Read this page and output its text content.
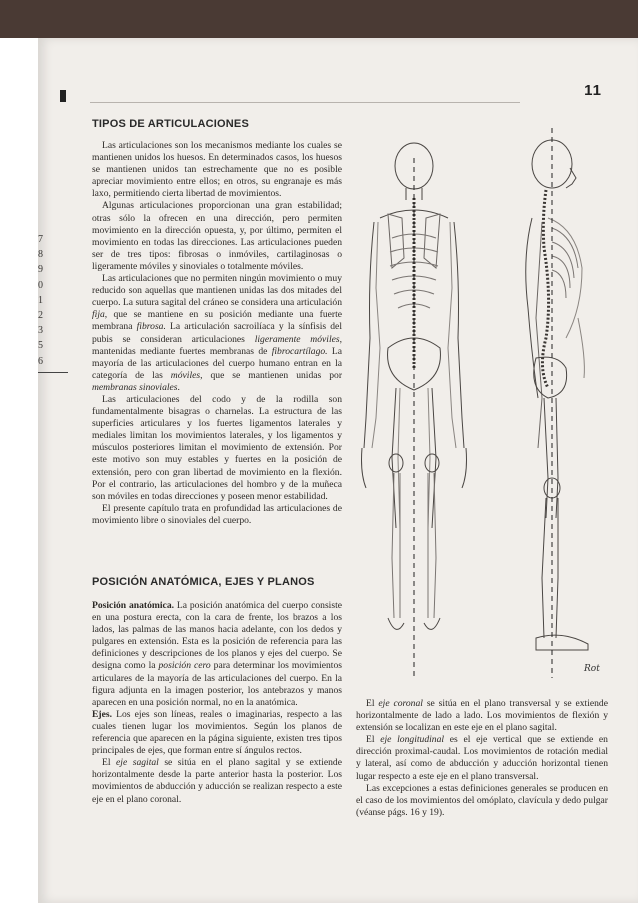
7
8
9
0
1
2
3
5
6
11
TIPOS DE ARTICULACIONES

Las articulaciones son los mecanismos mediante los cuales se mantienen unidos los huesos. En determinados casos, los huesos se mantienen unidos tan estrechamente que no es posible apreciar movimiento entre ellos; en otros, su engranaje es más laxo, permitiendo cierta libertad de movimientos.

Algunas articulaciones proporcionan una gran estabilidad; otras sólo la ofrecen en una dirección, pero permiten movimiento en la dirección opuesta, y, por último, permiten el movimiento en todas las direcciones. Las articulaciones pueden ser de tres tipos: fibrosas o inmóviles, cartilaginosas o ligeramente móviles y sinoviales o totalmente móviles.

Las articulaciones que no permiten ningún movimiento o muy reducido son aquellas que mantienen unidas las dos mitades del cuerpo. La sutura sagital del cráneo se considera una articulación fija, que se mantiene en su posición mediante una fuerte membrana fibrosa. La articulación sacroilíaca y la sínfisis del pubis se consideran articulaciones ligeramente móviles, mantenidas mediante fuertes membranas de fibrocartílago. La mayoría de las articulaciones del cuerpo humano entran en la categoría de las móviles, que se mantienen unidas por membranas sinoviales.

Las articulaciones del codo y de la rodilla son fundamentalmente bisagras o charnelas. La estructura de las superficies articulares y los fuertes ligamentos laterales y mediales limitan los movimientos laterales, y los ligamentos y músculos posteriores limitan el movimiento de extensión. Por este motivo son muy estables y fuertes en la posición de extensión, pero con gran libertad de movimiento en la flexión. Por el contrario, las articulaciones del hombro y de la muñeca son móviles en todas direcciones y poseen menor estabilidad.

El presente capítulo trata en profundidad las articulaciones de movimiento libre o sinoviales del cuerpo.

POSICIÓN ANATÓMICA, EJES Y PLANOS

Posición anatómica. La posición anatómica del cuerpo consiste en una postura erecta, con la cara de frente, los brazos a los lados, las palmas de las manos hacia adelante, con los dedos y pulgares en extensión. Esta es la posición de referencia para las definiciones y descripciones de los planos y ejes del cuerpo. Se designa como la posición cero para determinar los movimientos articulares de la mayoría de las articulaciones del cuerpo. En la figura adjunta en la imagen posterior, los antebrazos y manos aparecen en una posición normal, no en la anatómica.

Ejes. Los ejes son líneas, reales o imaginarias, respecto a las cuales tienen lugar los movimientos. Según los planos de referencia que aparecen en la página siguiente, existen tres tipos principales de ejes, que forman entre sí ángulos rectos.

El eje sagital se sitúa en el plano sagital y se extiende horizontalmente desde la parte anterior hasta la posterior. Los movimientos de abducción y aducción se realizan respecto a este eje en el plano coronal.

El eje coronal se sitúa en el plano transversal y se extiende horizontalmente de lado a lado. Los movimientos de flexión y extensión se localizan en este eje en el plano sagital.

El eje longitudinal es el eje vertical que se extiende en dirección proximal-caudal. Los movimientos de rotación medial y lateral, así como de abducción y aducción horizontal tienen lugar respecto a este eje en el plano transversal.

Las excepciones a estas definiciones generales se producen en el caso de los movimientos del omóplato, clavícula y dedo pulgar (véanse págs. 16 y 19).

Rot
